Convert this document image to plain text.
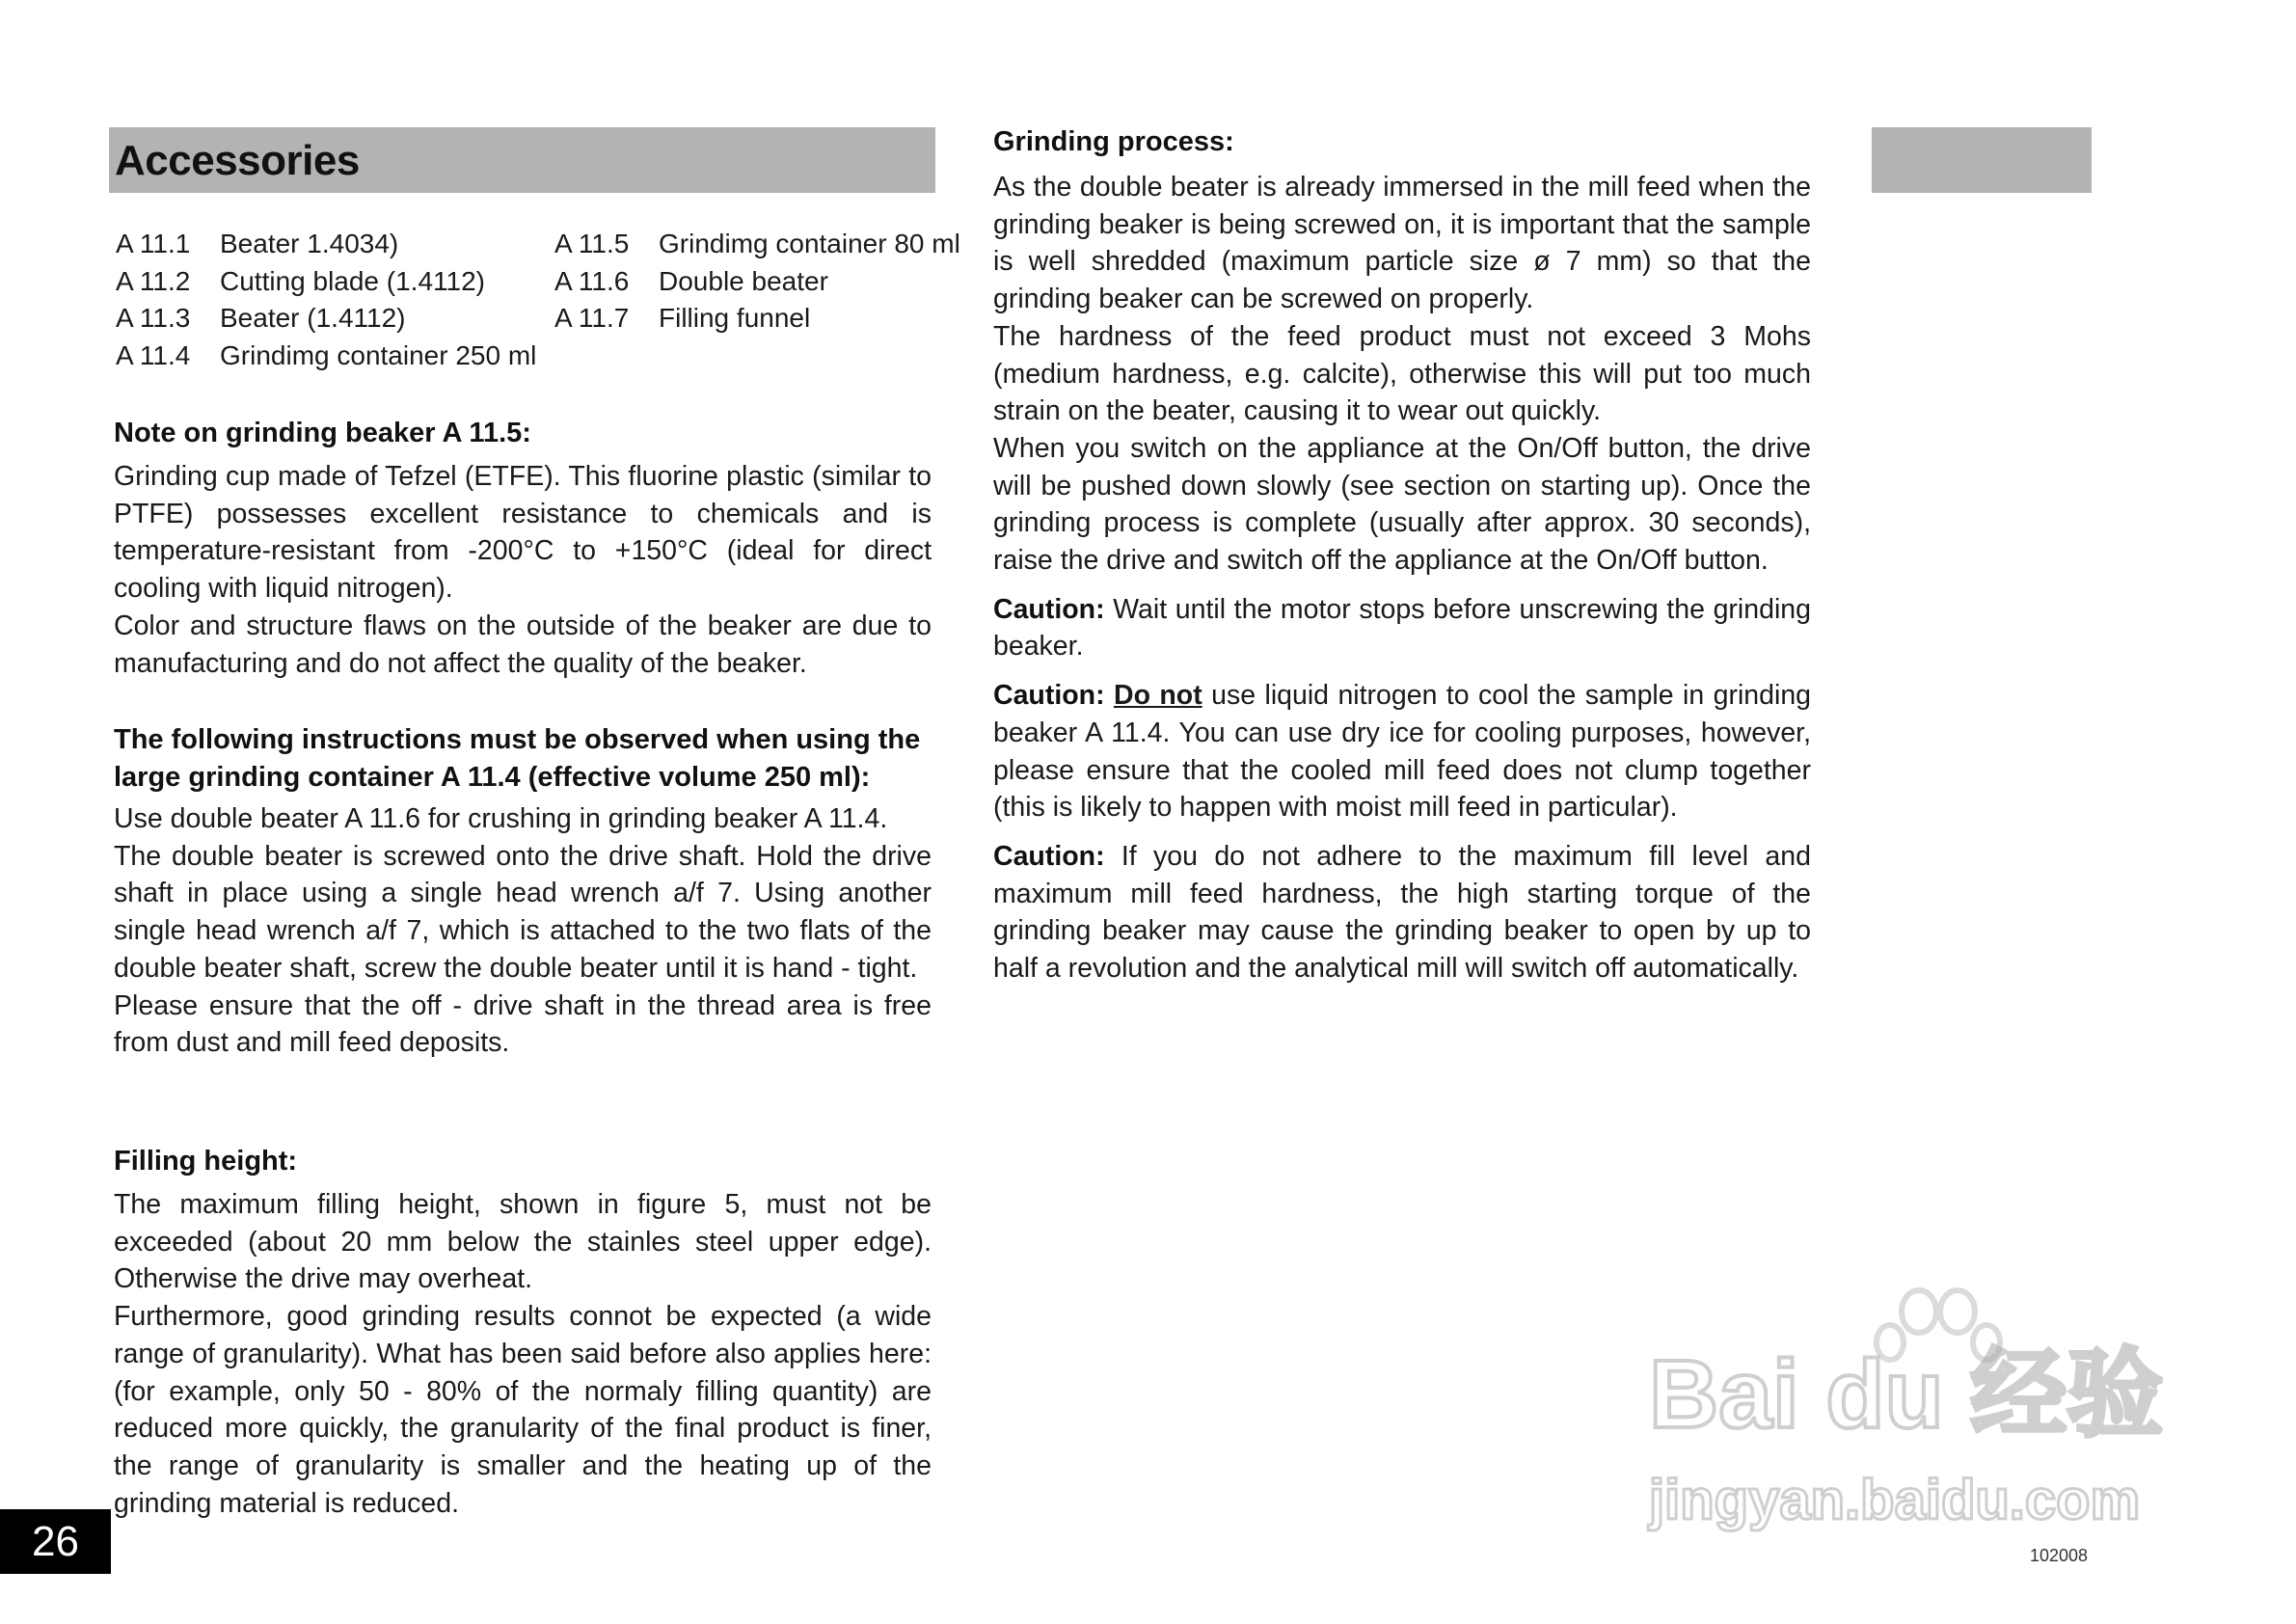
Accessories
A 11.1 Beater 1.4034)
A 11.2 Cutting blade (1.4112)
A 11.3 Beater (1.4112)
A 11.4 Grindimg container 250 ml
A 11.5 Grindimg container 80 ml
A 11.6 Double beater
A 11.7 Filling funnel
Note on grinding beaker A 11.5:

Grinding cup made of Tefzel (ETFE). This fluorine plastic (similar to PTFE) possesses excellent resistance to chemicals and is temperature-resistant from -200°C to +150°C (ideal for direct cooling with liquid nitrogen).

Color and structure flaws on the outside of the beaker are due to manufacturing and do not affect the quality of the beaker.

The following instructions must be observed when using the large grinding container A 11.4 (effective volume 250 ml):

Use double beater A 11.6 for crushing in grinding beaker A 11.4.

The double beater is screwed onto the drive shaft. Hold the drive shaft in place using a single head wrench a/f 7. Using another single head wrench a/f 7, which is attached to the two flats of the double beater shaft, screw the double beater until it is hand - tight.

Please ensure that the off - drive shaft in the thread area is free from dust and mill feed deposits.

Filling height:

The maximum filling height, shown in figure 5, must not be exceeded (about 20 mm below the stainles steel upper edge). Otherwise the drive may overheat.

Furthermore, good grinding results connot be expected (a wide range of granularity). What has been said before also applies here: (for example, only 50 - 80% of the normaly filling quantity) are reduced more quickly, the granularity of the final product is finer, the range of granularity is smaller and the heating up of the grinding material is reduced.

Grinding process:

As the double beater is already immersed in the mill feed when the grinding beaker is being screwed on, it is important that the sample is well shredded (maximum particle size ø 7 mm) so that the grinding beaker can be screwed on properly.

The hardness of the feed product must not exceed 3 Mohs (medium hardness, e.g. calcite), otherwise this will put too much strain on the beater, causing it to wear out quickly.

When you switch on the appliance at the On/Off button, the drive will be pushed down slowly (see section on starting up). Once the grinding process is complete (usually after approx. 30 seconds), raise the drive and switch off the appliance at the On/Off button.

Caution: Wait until the motor stops before unscrewing the grinding beaker.

Caution: Do not use liquid nitrogen to cool the sample in grinding beaker A 11.4. You can use dry ice for cooling purposes, however, please ensure that the cooled mill feed does not clump together (this is likely to happen with moist mill feed in particular).

Caution: If you do not adhere to the maximum fill level and maximum mill feed hardness, the high starting torque of the grinding beaker may cause the grinding beaker to open by up to half a revolution and the analytical mill will switch off automatically.

Bai du 经验
jingyan.baidu.com
26	102008
